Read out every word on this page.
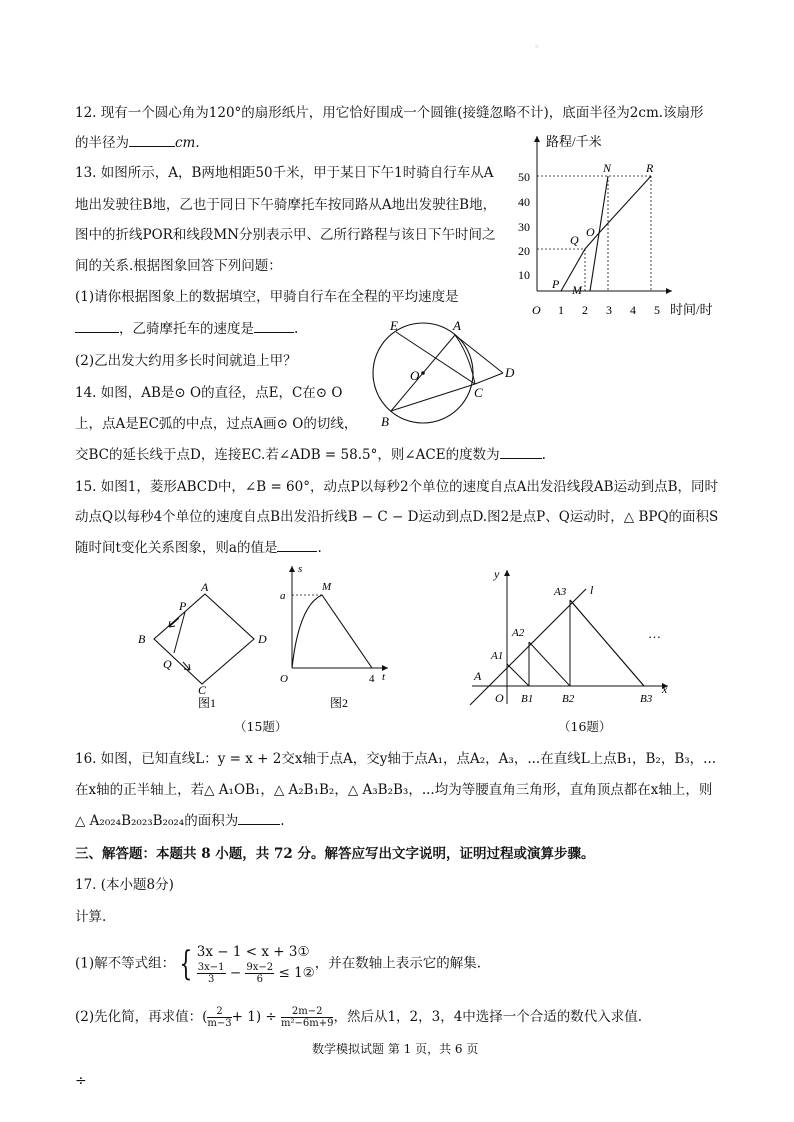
。
12. 现有一个圆心角为120°的扇形纸片，用它恰好围成一个圆锥(接缝忽略不计)，底面半径为2cm.该扇形
的半径为	cm.
13. 如图所示，A，B两地相距50千米，甲于某日下午1时骑自行车从A
地出发驶往B地，乙也于同日下午骑摩托车按同路从A地出发驶往B地，
图中的折线POR和线段MN分别表示甲、乙所行路程与该日下午时间之
间的关系.根据图象回答下列问题：
(1)请你根据图象上的数据填空，甲骑自行车在全程的平均速度是
，乙骑摩托车的速度是	.
(2)乙出发大约用多长时间就追上甲？
路程/千米
时间/时
O
10
20
30
40
50
1 2 3 4 5
P M
Q
O
N	R
E	A
O	D
C
B
14. 如图，AB是⊙ O的直径，点E，C在⊙ O
上，点A是EC弧的中点，过点A画⊙ O的切线，
交BC的延长线于点D，连接EC.若∠ADB = 58.5°，则∠ACE的度数为	.
15. 如图1，菱形ABCD中，∠B = 60°，动点P以每秒2个单位的速度自点A出发沿线段AB运动到点B，同时
动点Q以每秒4个单位的速度自点B出发沿折线B − C − D运动到点D.图2是点P、Q运动时，△ BPQ的面积S
随时间t变化关系图象，则a的值是	.
A
P
B	D
Q
C
图1
s
M
a
O	4 t
图2
y
x
A
O
A1
A2
A3 l
B1	B2	B3
…
（15题）	（16题）
16. 如图，已知直线L：y = x + 2交x轴于点A，交y轴于点A₁，点A₂，A₃，...在直线L上点B₁，B₂，B₃，...
在x轴的正半轴上，若△ A₁OB₁，△ A₂B₁B₂，△ A₃B₂B₃，...均为等腰直角三角形，直角顶点都在x轴上，则
△ A₂₀₂₄B₂₀₂₃B₂₀₂₄的面积为	.
三、解答题：本题共 8 小题，共 72 分。解答应写出文字说明，证明过程或演算步骤。
17. (本小题8分)
计算.
(1)解不等式组： { 3x − 1 < x + 3①
$\frac{3x-1}{3} - \frac{9x-2}{6}$ ≤ 1②
，并在数轴上表示它的解集.
(2)先化简，再求值：( $\frac{2}{m-3} + 1) \div \frac{2m-2}{\text{m²−6m+9}}$ ，然后从1，2，3，4中选择一个合适的数代入求值.
数学模拟试题 第 1 页，共 6 页
÷
